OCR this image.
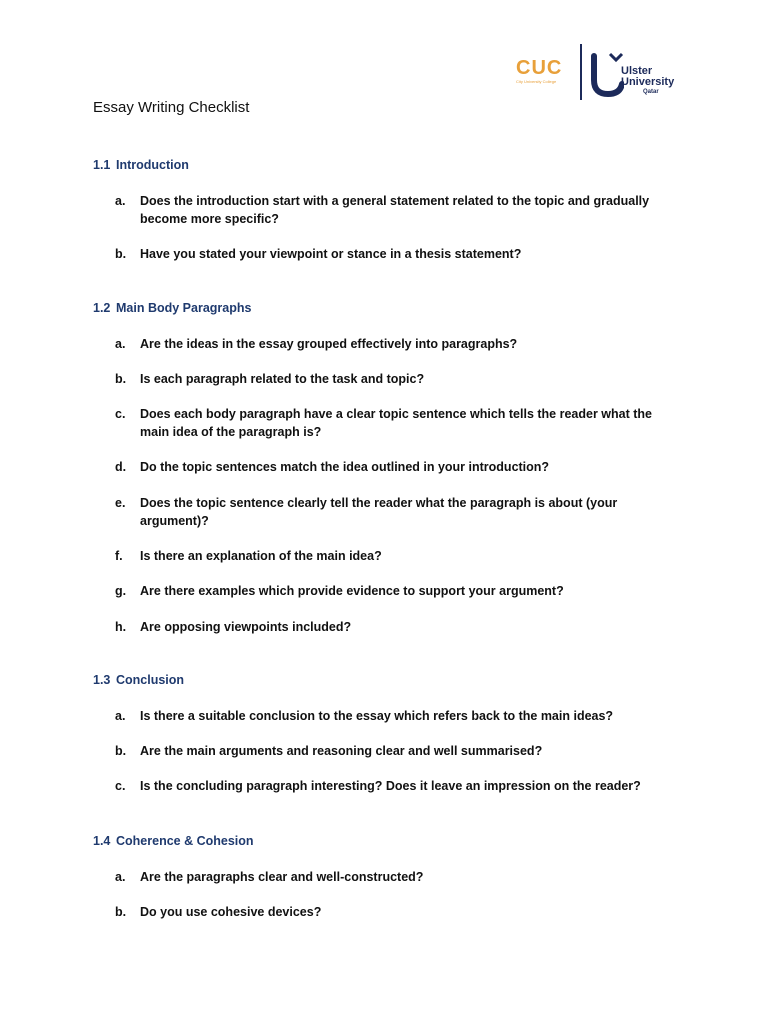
CUC
City University College
Ulster
University
Qatar
Essay Writing Checklist
1.1 Introduction
a.	Does the introduction start with a general statement related to the topic and gradually become more specific?
b.	Have you stated your viewpoint or stance in a thesis statement?
1.2 Main Body Paragraphs
a.	Are the ideas in the essay grouped effectively into paragraphs?
b.	Is each paragraph related to the task and topic?
c.	Does each body paragraph have a clear topic sentence which tells the reader what the main idea of the paragraph is?
d.	Do the topic sentences match the idea outlined in your introduction?
e.	Does the topic sentence clearly tell the reader what the paragraph is about (your argument)?
f.	Is there an explanation of the main idea?
g.	Are there examples which provide evidence to support your argument?
h.	Are opposing viewpoints included?
1.3 Conclusion
a.	Is there a suitable conclusion to the essay which refers back to the main ideas?
b.	Are the main arguments and reasoning clear and well summarised?
c.	Is the concluding paragraph interesting? Does it leave an impression on the reader?
1.4 Coherence & Cohesion
a.	Are the paragraphs clear and well-constructed?
b.	Do you use cohesive devices?
